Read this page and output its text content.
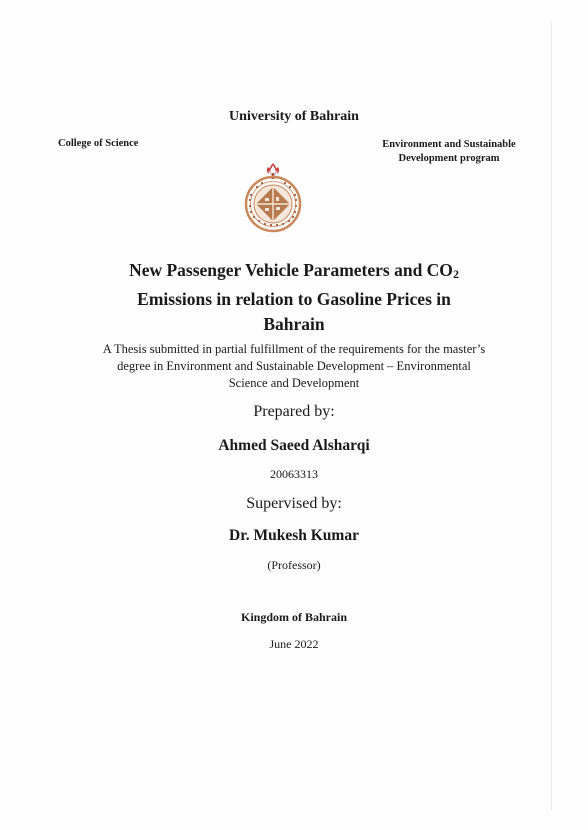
University of Bahrain
College of Science	Environment and Sustainable
Development program
New Passenger Vehicle Parameters and CO2
Emissions in relation to Gasoline Prices in
Bahrain
A Thesis submitted in partial fulfillment of the requirements for the master’s
degree in Environment and Sustainable Development – Environmental
Science and Development
Prepared by:
Ahmed Saeed Alsharqi
20063313
Supervised by:
Dr. Mukesh Kumar
(Professor)
Kingdom of Bahrain
June 2022
